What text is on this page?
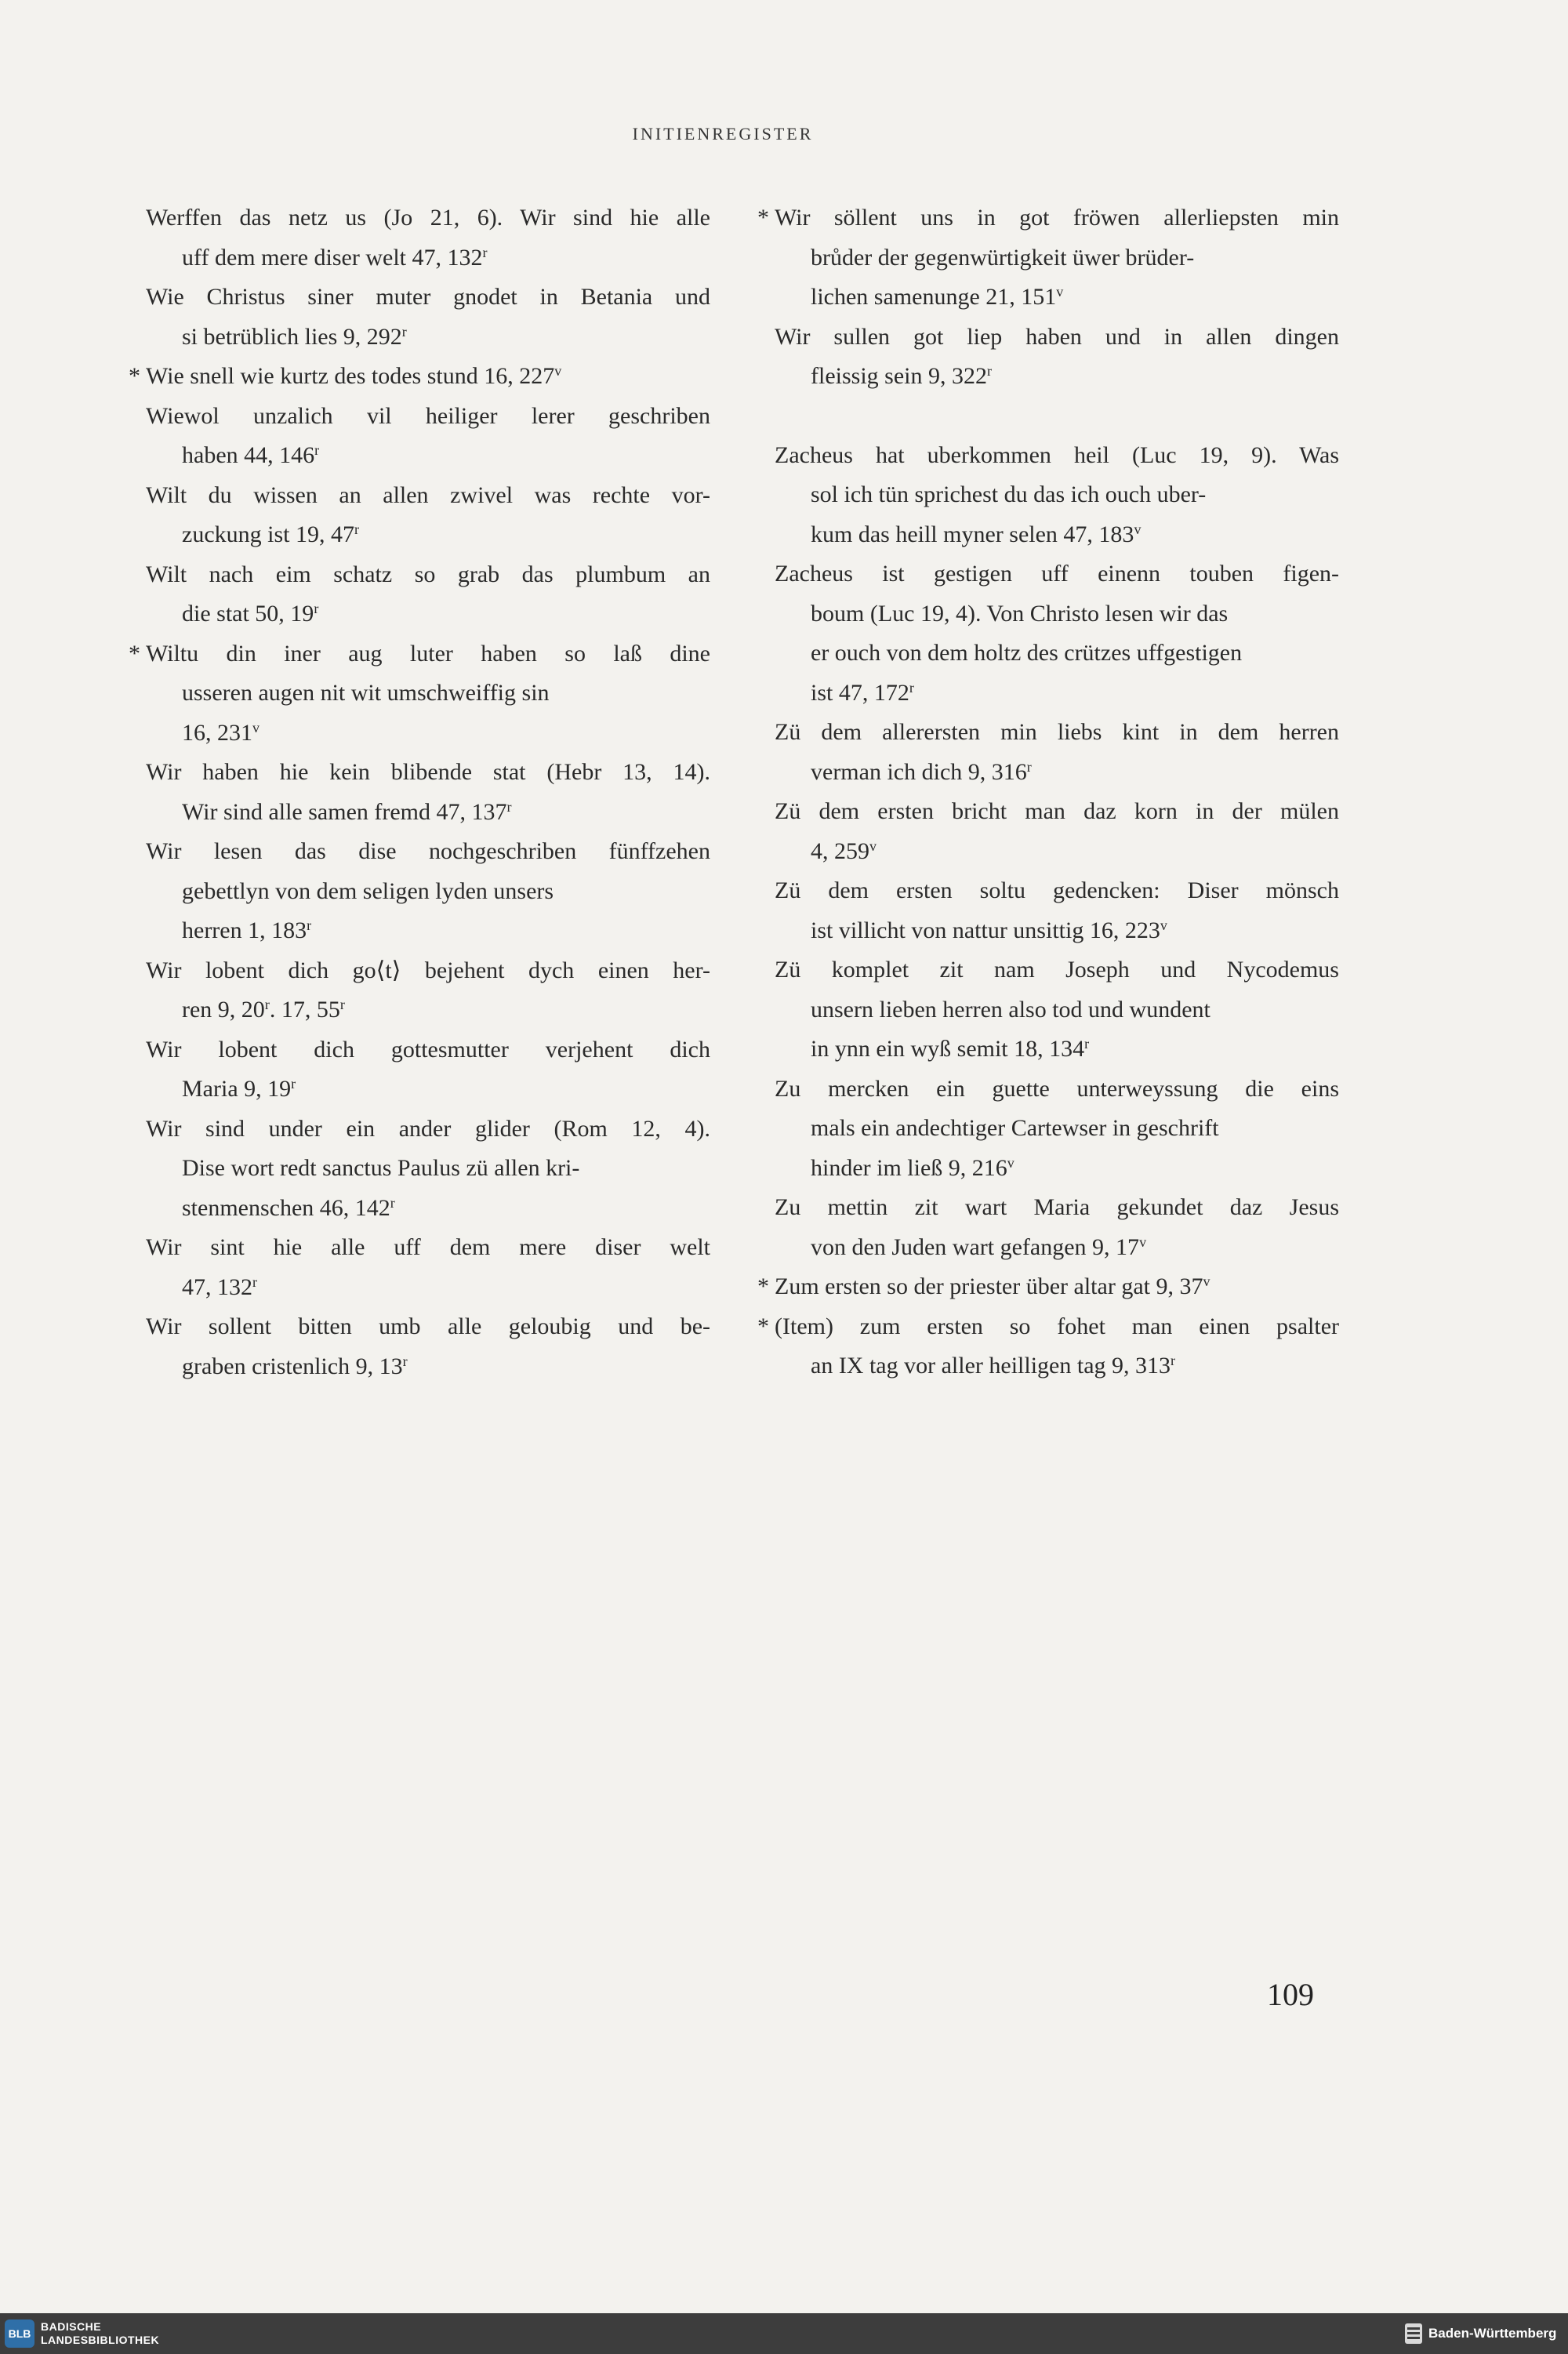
INITIENREGISTER
Werffen das netz us (Jo 21, 6). Wir sind hie alle
uff dem mere diser welt 47, 132$^r$
Wie Christus siner muter gnodet in Betania und
si betrüblich lies 9, 292$^r$
* Wie snell wie kurtz des todes stund 16, 227$^v$
Wiewol unzalich vil heiliger lerer geschriben
haben 44, 146$^r$
Wilt du wissen an allen zwivel was rechte vor-
zuckung ist 19, 47$^r$
Wilt nach eim schatz so grab das plumbum an
die stat 50, 19$^r$
* Wiltu din iner aug luter haben so laß dine
usseren augen nit wit umschweiffig sin
16, 231$^v$
Wir haben hie kein blibende stat (Hebr 13, 14).
Wir sind alle samen fremd 47, 137$^r$
Wir lesen das dise nochgeschriben fünffzehen
gebettlyn von dem seligen lyden unsers
herren 1, 183$^r$
Wir lobent dich go⟨t⟩ bejehent dych einen her-
ren 9, 20$^r$. 17, 55$^r$
Wir lobent dich gottesmutter verjehent dich
Maria 9, 19$^r$
Wir sind under ein ander glider (Rom 12, 4).
Dise wort redt sanctus Paulus zü allen kri-
stenmenschen 46, 142$^r$
Wir sint hie alle uff dem mere diser welt
47, 132$^r$
Wir sollent bitten umb alle geloubig und be-
graben cristenlich 9, 13$^r$
* Wir söllent uns in got fröwen allerliepsten min
brůder der gegenwürtigkeit üwer brüder-
lichen samenunge 21, 151$^v$
Wir sullen got liep haben und in allen dingen
fleissig sein 9, 322$^r$
Zacheus hat uberkommen heil (Luc 19, 9). Was
sol ich tün sprichest du das ich ouch uber-
kum das heill myner selen 47, 183$^v$
Zacheus ist gestigen uff einenn touben figen-
boum (Luc 19, 4). Von Christo lesen wir das
er ouch von dem holtz des crützes uffgestigen
ist 47, 172$^r$
Zü dem allerersten min liebs kint in dem herren
verman ich dich 9, 316$^r$
Zü dem ersten bricht man daz korn in der mülen
4, 259$^v$
Zü dem ersten soltu gedencken: Diser mönsch
ist villicht von nattur unsittig 16, 223$^v$
Zü komplet zit nam Joseph und Nycodemus
unsern lieben herren also tod und wundent
in ynn ein wyß semit 18, 134$^r$
Zu mercken ein guette unterweyssung die eins
mals ein andechtiger Cartewser in geschrift
hinder im ließ 9, 216$^v$
Zu mettin zit wart Maria gekundet daz Jesus
von den Juden wart gefangen 9, 17$^v$
* Zum ersten so der priester über altar gat 9, 37$^v$
* (Item) zum ersten so fohet man einen psalter
an IX tag vor aller heilligen tag 9, 313$^r$
109
BLB
BADISCHE
LANDESBIBLIOTHEK	Baden-Württemberg
